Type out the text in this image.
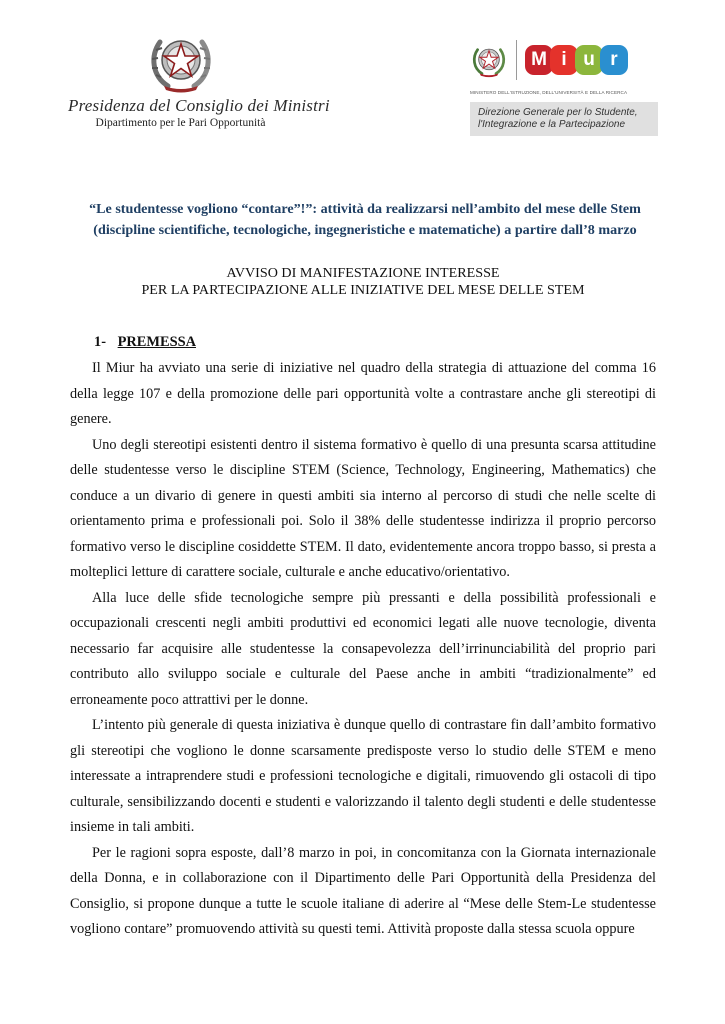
Presidenza del Consiglio dei Ministri
Dipartimento per le Pari Opportunità
M i u r
MINISTERO DELL'ISTRUZIONE, DELL'UNIVERSITÀ E DELLA RICERCA
Direzione Generale per lo Studente,
l'Integrazione e la Partecipazione
“Le studentesse vogliono “contare”!”: attività da realizzarsi nell’ambito del mese delle Stem (discipline scientifiche, tecnologiche, ingegneristiche e matematiche) a partire dall’8 marzo
AVVISO DI MANIFESTAZIONE INTERESSE
PER LA PARTECIPAZIONE ALLE INIZIATIVE DEL MESE DELLE STEM
1- PREMESSA

Il Miur ha avviato una serie di iniziative nel quadro della strategia di attuazione del comma 16 della legge 107 e della promozione delle pari opportunità volte a contrastare anche gli stereotipi di genere.

Uno degli stereotipi esistenti dentro il sistema formativo è quello di una presunta scarsa attitudine delle studentesse verso le discipline STEM (Science, Technology, Engineering, Mathematics) che conduce a un divario di genere in questi ambiti sia interno al percorso di studi che nelle scelte di orientamento prima e professionali poi. Solo il 38% delle studentesse indirizza il proprio percorso formativo verso le discipline cosiddette STEM. Il dato, evidentemente ancora troppo basso, si presta a molteplici letture di carattere sociale, culturale e anche educativo/orientativo.

Alla luce delle sfide tecnologiche sempre più pressanti e della possibilità professionali e occupazionali crescenti negli ambiti produttivi ed economici legati alle nuove tecnologie, diventa necessario far acquisire alle studentesse la consapevolezza dell’irrinunciabilità del proprio pari contributo allo sviluppo sociale e culturale del Paese anche in ambiti “tradizionalmente” ed erroneamente poco attrattivi per le donne.

L’intento più generale di questa iniziativa è dunque quello di contrastare fin dall’ambito formativo gli stereotipi che vogliono le donne scarsamente predisposte verso lo studio delle STEM e meno interessate a intraprendere studi e professioni tecnologiche e digitali, rimuovendo gli ostacoli di tipo culturale, sensibilizzando docenti e studenti e valorizzando il talento degli studenti e delle studentesse insieme in tali ambiti.

Per le ragioni sopra esposte, dall’8 marzo in poi, in concomitanza con la Giornata internazionale della Donna, e in collaborazione con il Dipartimento delle Pari Opportunità della Presidenza del Consiglio, si propone dunque a tutte le scuole italiane di aderire al “Mese delle Stem-Le studentesse vogliono contare” promuovendo attività su questi temi. Attività proposte dalla stessa scuola oppure
